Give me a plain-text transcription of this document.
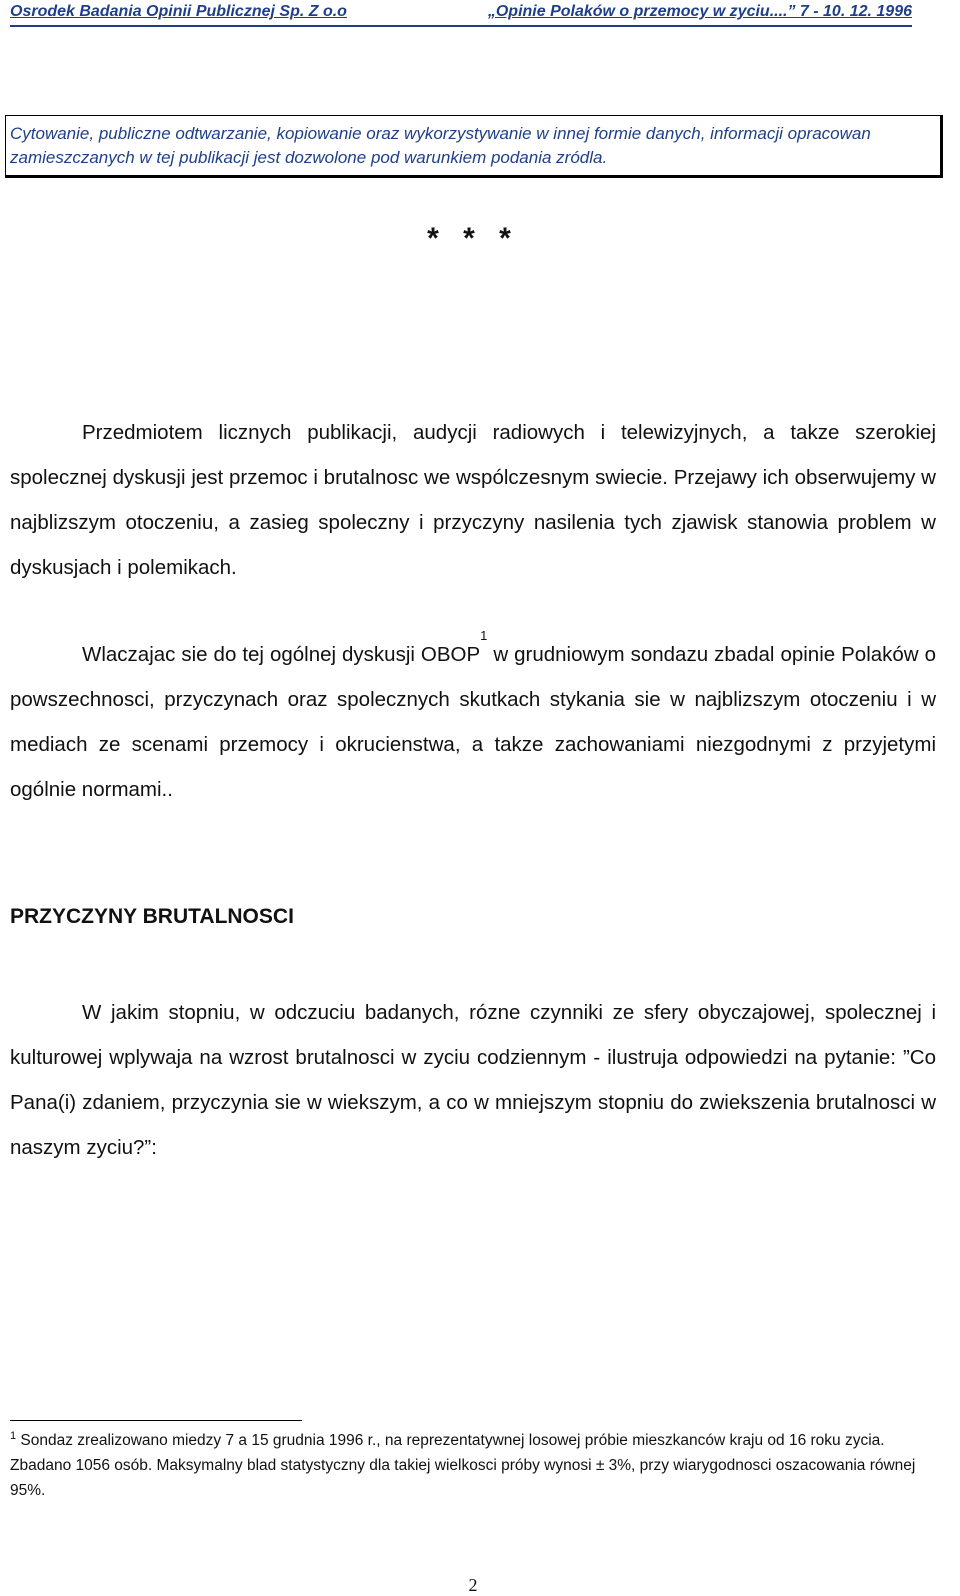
Osrodek Badania Opinii Publicznej Sp. Z o.o	„Opinie Polaków o przemocy w zyciu....” 7 - 10. 12. 1996
Cytowanie, publiczne odtwarzanie, kopiowanie oraz wykorzystywanie w innej formie danych, informacji opracowan zamieszczanych w tej publikacji jest dozwolone pod warunkiem podania zródla.
* * *

Przedmiotem licznych publikacji, audycji radiowych i telewizyjnych, a takze szerokiej spolecznej dyskusji jest przemoc i brutalnosc we wspólczesnym swiecie. Przejawy ich obserwujemy w najblizszym otoczeniu, a zasieg spoleczny i przyczyny nasilenia tych zjawisk stanowia problem w dyskusjach i polemikach.

Wlaczajac sie do tej ogólnej dyskusji OBOP$^1$ w grudniowym sondazu zbadal opinie Polaków o powszechnosci, przyczynach oraz spolecznych skutkach stykania sie w najblizszym otoczeniu i w mediach ze scenami przemocy i okrucienstwa, a takze zachowaniami niezgodnymi z przyjetymi ogólnie normami..

PRZYCZYNY BRUTALNOSCI

W jakim stopniu, w odczuciu badanych, rózne czynniki ze sfery obyczajowej, spolecznej i kulturowej wplywaja na wzrost brutalnosci w zyciu codziennym - ilustruja odpowiedzi na pytanie: ”Co Pana(i) zdaniem, przyczynia sie w wiekszym, a co w mniejszym stopniu do zwiekszenia brutalnosci w naszym zyciu?”:

$^1$ Sondaz zrealizowano miedzy 7 a 15 grudnia 1996 r., na reprezentatywnej losowej próbie mieszkanców kraju od 16 roku zycia. Zbadano 1056 osób. Maksymalny blad statystyczny dla takiej wielkosci próby wynosi ± 3%, przy wiarygodnosci oszacowania równej 95%.

2
